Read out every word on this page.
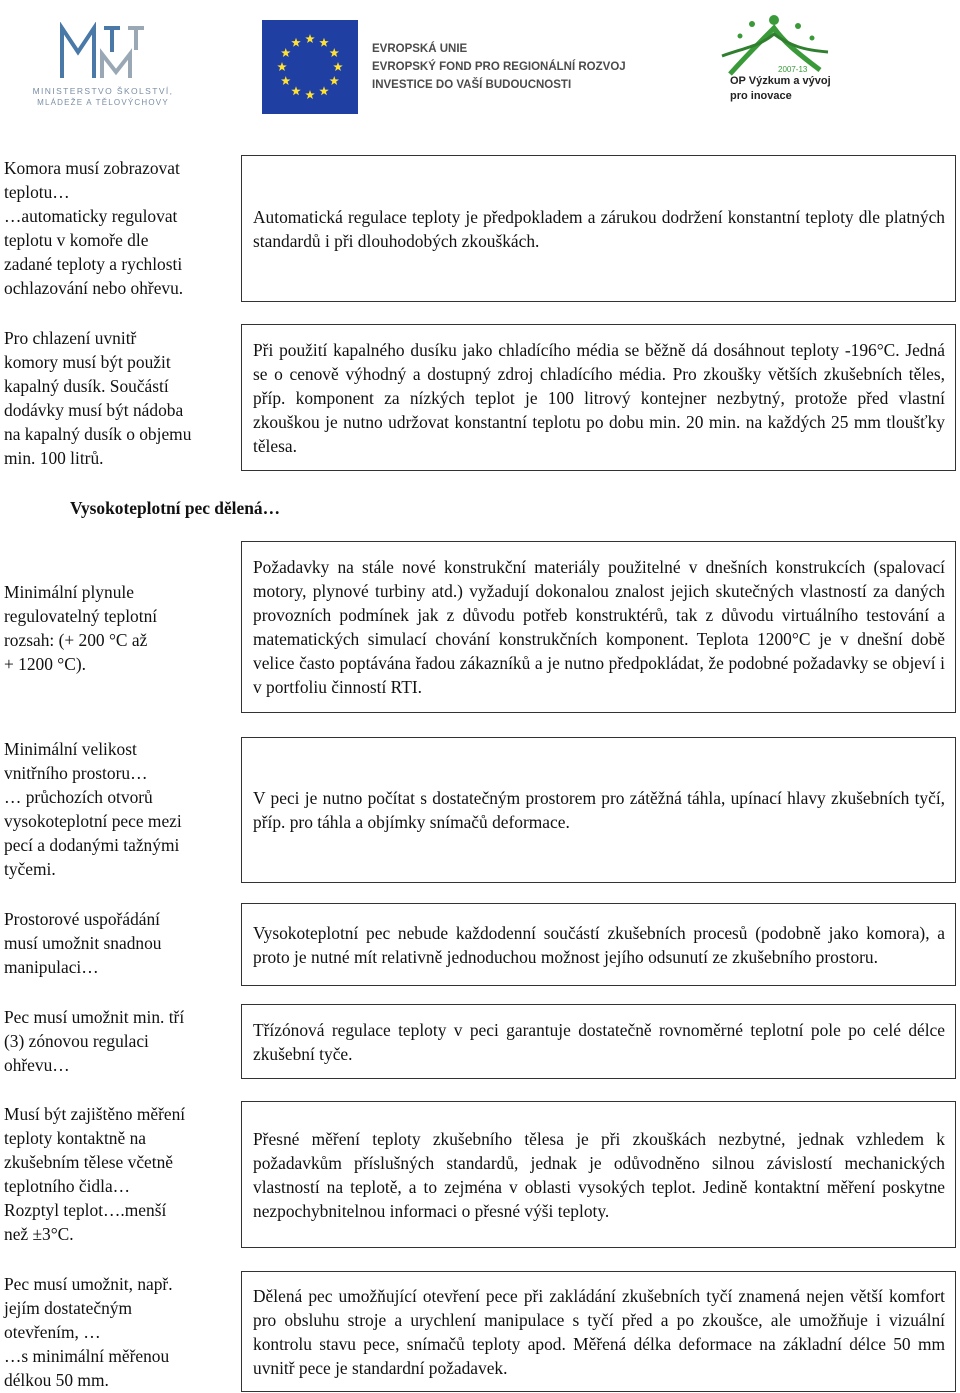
MINISTERSTVO ŠKOLSTVÍ,
MLÁDEŽE A TĚLOVÝCHOVY
EVROPSKÁ UNIE
EVROPSKÝ FOND PRO REGIONÁLNÍ ROZVOJ
INVESTICE DO VAŠÍ BUDOUCNOSTI
2007-13
OP Výzkum a vývoj
pro inovace
Komora musí zobrazovat
teplotu…
…automaticky regulovat
teplotu v komoře dle
zadané teploty a rychlosti
ochlazování nebo ohřevu.

Automatická regulace teploty je předpokladem a zárukou dodržení konstantní teploty dle platných standardů i při dlouhodobých zkouškách.

Pro chlazení uvnitř
komory musí být použit
kapalný dusík. Součástí
dodávky musí být nádoba
na kapalný dusík o objemu
min. 100 litrů.

Při použití kapalného dusíku jako chladícího média se běžně dá dosáhnout teploty -196°C. Jedná se o cenově výhodný a dostupný zdroj chladícího média. Pro zkoušky větších zkušebních těles, příp. komponent za nízkých teplot je 100 litrový kontejner nezbytný, protože před vlastní zkouškou je nutno udržovat konstantní teplotu po dobu min. 20 min. na každých 25 mm tloušťky tělesa.

Vysokoteplotní pec dělená…
Minimální plynule
regulovatelný teplotní
rozsah: (+ 200 °C až
+ 1200 °C).

Požadavky na stále nové konstrukční materiály použitelné v dnešních konstrukcích (spalovací motory, plynové turbiny atd.) vyžadují dokonalou znalost jejich skutečných vlastností za daných provozních podmínek jak z důvodu potřeb konstruktérů, tak z důvodu virtuálního testování a matematických simulací chování konstrukčních komponent. Teplota 1200°C je v dnešní době velice často poptávána řadou zákazníků a je nutno předpokládat, že podobné požadavky se objeví i v portfoliu činností RTI.

Minimální velikost
vnitřního prostoru…
… průchozích otvorů
vysokoteplotní pece mezi
pecí a dodanými tažnými
tyčemi.

V peci je nutno počítat s dostatečným prostorem pro zátěžná táhla, upínací hlavy zkušebních tyčí, příp. pro táhla a objímky snímačů deformace.

Prostorové uspořádání
musí umožnit snadnou
manipulaci…

Vysokoteplotní pec nebude každodenní součástí zkušebních procesů (podobně jako komora), a proto je nutné mít relativně jednoduchou možnost jejího odsunutí ze zkušebního prostoru.

Pec musí umožnit min. tří
(3) zónovou regulaci
ohřevu…

Třízónová regulace teploty v peci garantuje dostatečně rovnoměrné teplotní pole po celé délce zkušební tyče.

Musí být zajištěno měření
teploty kontaktně na
zkušebním tělese včetně
teplotního čidla…
Rozptyl teplot….menší
než ±3°C.

Přesné měření teploty zkušebního tělesa je při zkouškách nezbytné, jednak vzhledem k požadavkům příslušných standardů, jednak je odůvodněno silnou závislostí mechanických vlastností na teplotě, a to zejména v oblasti vysokých teplot. Jedině kontaktní měření poskytne nezpochybnitelnou informaci o přesné výši teploty.

Pec musí umožnit, např.
jejím dostatečným
otevřením, …
…s minimální měřenou
délkou 50 mm.

Dělená pec umožňující otevření pece při zakládání zkušebních tyčí znamená nejen větší komfort pro obsluhu stroje a urychlení manipulace s tyčí před a po zkoušce, ale umožňuje i vizuální kontrolu stavu pece, snímačů teploty apod. Měřená délka deformace na základní délce 50 mm uvnitř pece je standardní požadavek.
